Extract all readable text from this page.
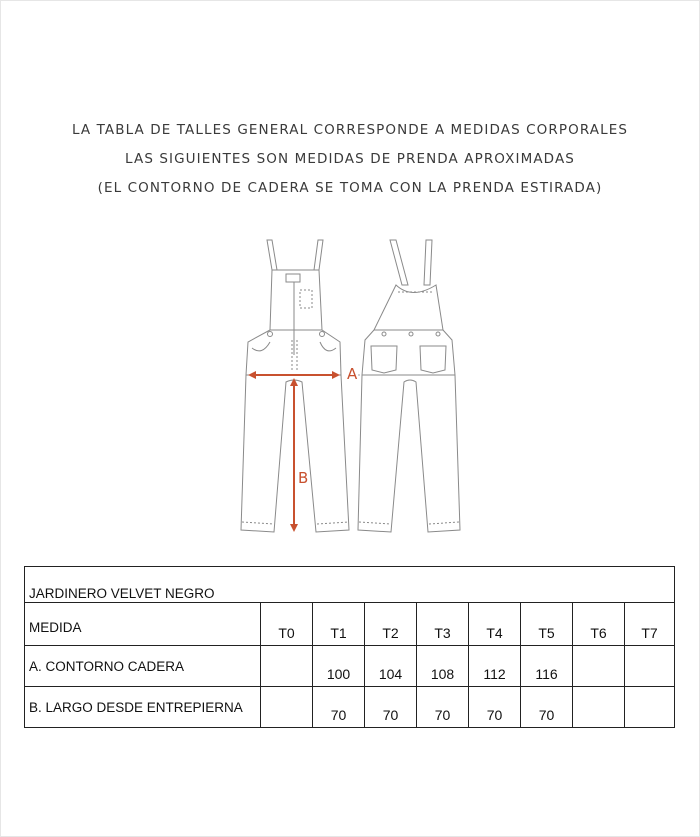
LA TABLA DE TALLES GENERAL CORRESPONDE A MEDIDAS CORPORALES
LAS SIGUIENTES SON MEDIDAS DE PRENDA APROXIMADAS
(EL CONTORNO DE CADERA SE TOMA CON LA PRENDA ESTIRADA)
A
B
JARDINERO VELVET NEGRO								
MEDIDA	T0	T1	T2	T3	T4	T5	T6	T7
A. CONTORNO CADERA		100	104	108	112	116		
B. LARGO DESDE ENTREPIERNA		70	70	70	70	70		
